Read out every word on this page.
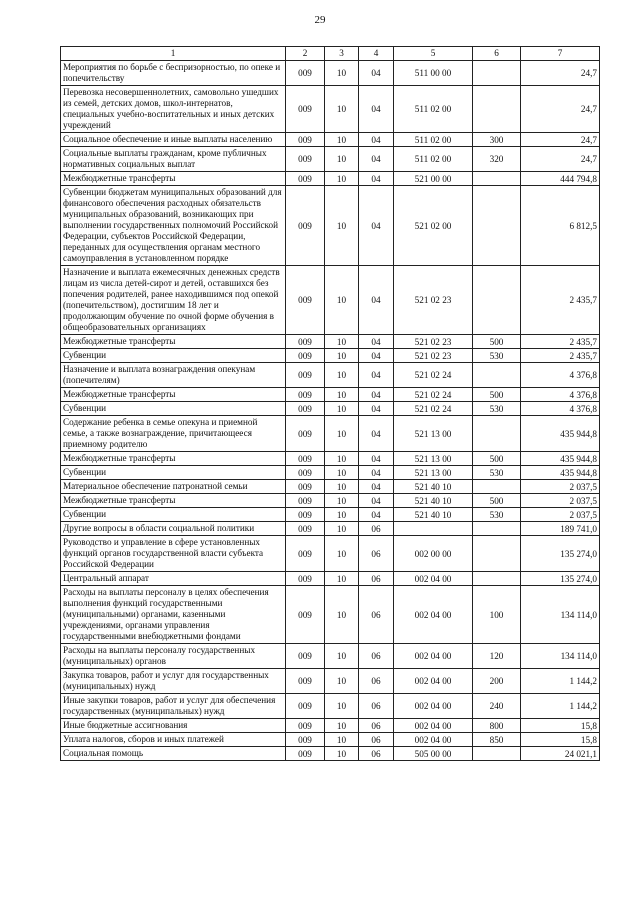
29
1	2	3	4	5	6	7
Мероприятия по борьбе с беспризорностью, по опеке и попечительству	009	10	04	511 00 00		24,7
Перевозка несовершеннолетних, самовольно ушедших из семей, детских домов, школ-интернатов, специальных учебно-воспитательных и иных детских учреждений	009	10	04	511 02 00		24,7
Социальное обеспечение и иные выплаты населению	009	10	04	511 02 00	300	24,7
Социальные выплаты гражданам, кроме публичных нормативных социальных выплат	009	10	04	511 02 00	320	24,7
Межбюджетные трансферты	009	10	04	521 00 00		444 794,8
Субвенции бюджетам муниципальных образований для финансового обеспечения расходных обязательств муниципальных образований, возникающих при выполнении государственных полномочий Российской Федерации, субъектов Российской Федерации, переданных для осуществления органам местного самоуправления в установленном порядке	009	10	04	521 02 00		6 812,5
Назначение и выплата ежемесячных денежных средств лицам из числа детей-сирот и детей, оставшихся без попечения родителей, ранее находившимся под опекой (попечительством), достигшим 18 лет и продолжающим обучение по очной форме обучения в общеобразовательных организациях	009	10	04	521 02 23		2 435,7
Межбюджетные трансферты	009	10	04	521 02 23	500	2 435,7
Субвенции	009	10	04	521 02 23	530	2 435,7
Назначение и выплата вознаграждения опекунам (попечителям)	009	10	04	521 02 24		4 376,8
Межбюджетные трансферты	009	10	04	521 02 24	500	4 376,8
Субвенции	009	10	04	521 02 24	530	4 376,8
Содержание ребенка в семье опекуна и приемной семье, а также вознаграждение, причитающееся приемному родителю	009	10	04	521 13 00		435 944,8
Межбюджетные трансферты	009	10	04	521 13 00	500	435 944,8
Субвенции	009	10	04	521 13 00	530	435 944,8
Материальное обеспечение патронатной семьи	009	10	04	521 40 10		2 037,5
Межбюджетные трансферты	009	10	04	521 40 10	500	2 037,5
Субвенции	009	10	04	521 40 10	530	2 037,5
Другие вопросы в области социальной политики	009	10	06			189 741,0
Руководство и управление в сфере установленных функций органов государственной власти субъекта Российской Федерации	009	10	06	002 00 00		135 274,0
Центральный аппарат	009	10	06	002 04 00		135 274,0
Расходы на выплаты персоналу в целях обеспечения выполнения функций государственными (муниципальными) органами, казенными учреждениями, органами управления государственными внебюджетными фондами	009	10	06	002 04 00	100	134 114,0
Расходы на выплаты персоналу государственных (муниципальных) органов	009	10	06	002 04 00	120	134 114,0
Закупка товаров, работ и услуг для государственных (муниципальных) нужд	009	10	06	002 04 00	200	1 144,2
Иные закупки товаров, работ и услуг для обеспечения государственных (муниципальных) нужд	009	10	06	002 04 00	240	1 144,2
Иные бюджетные ассигнования	009	10	06	002 04 00	800	15,8
Уплата налогов, сборов и иных платежей	009	10	06	002 04 00	850	15,8
Социальная помощь	009	10	06	505 00 00		24 021,1
